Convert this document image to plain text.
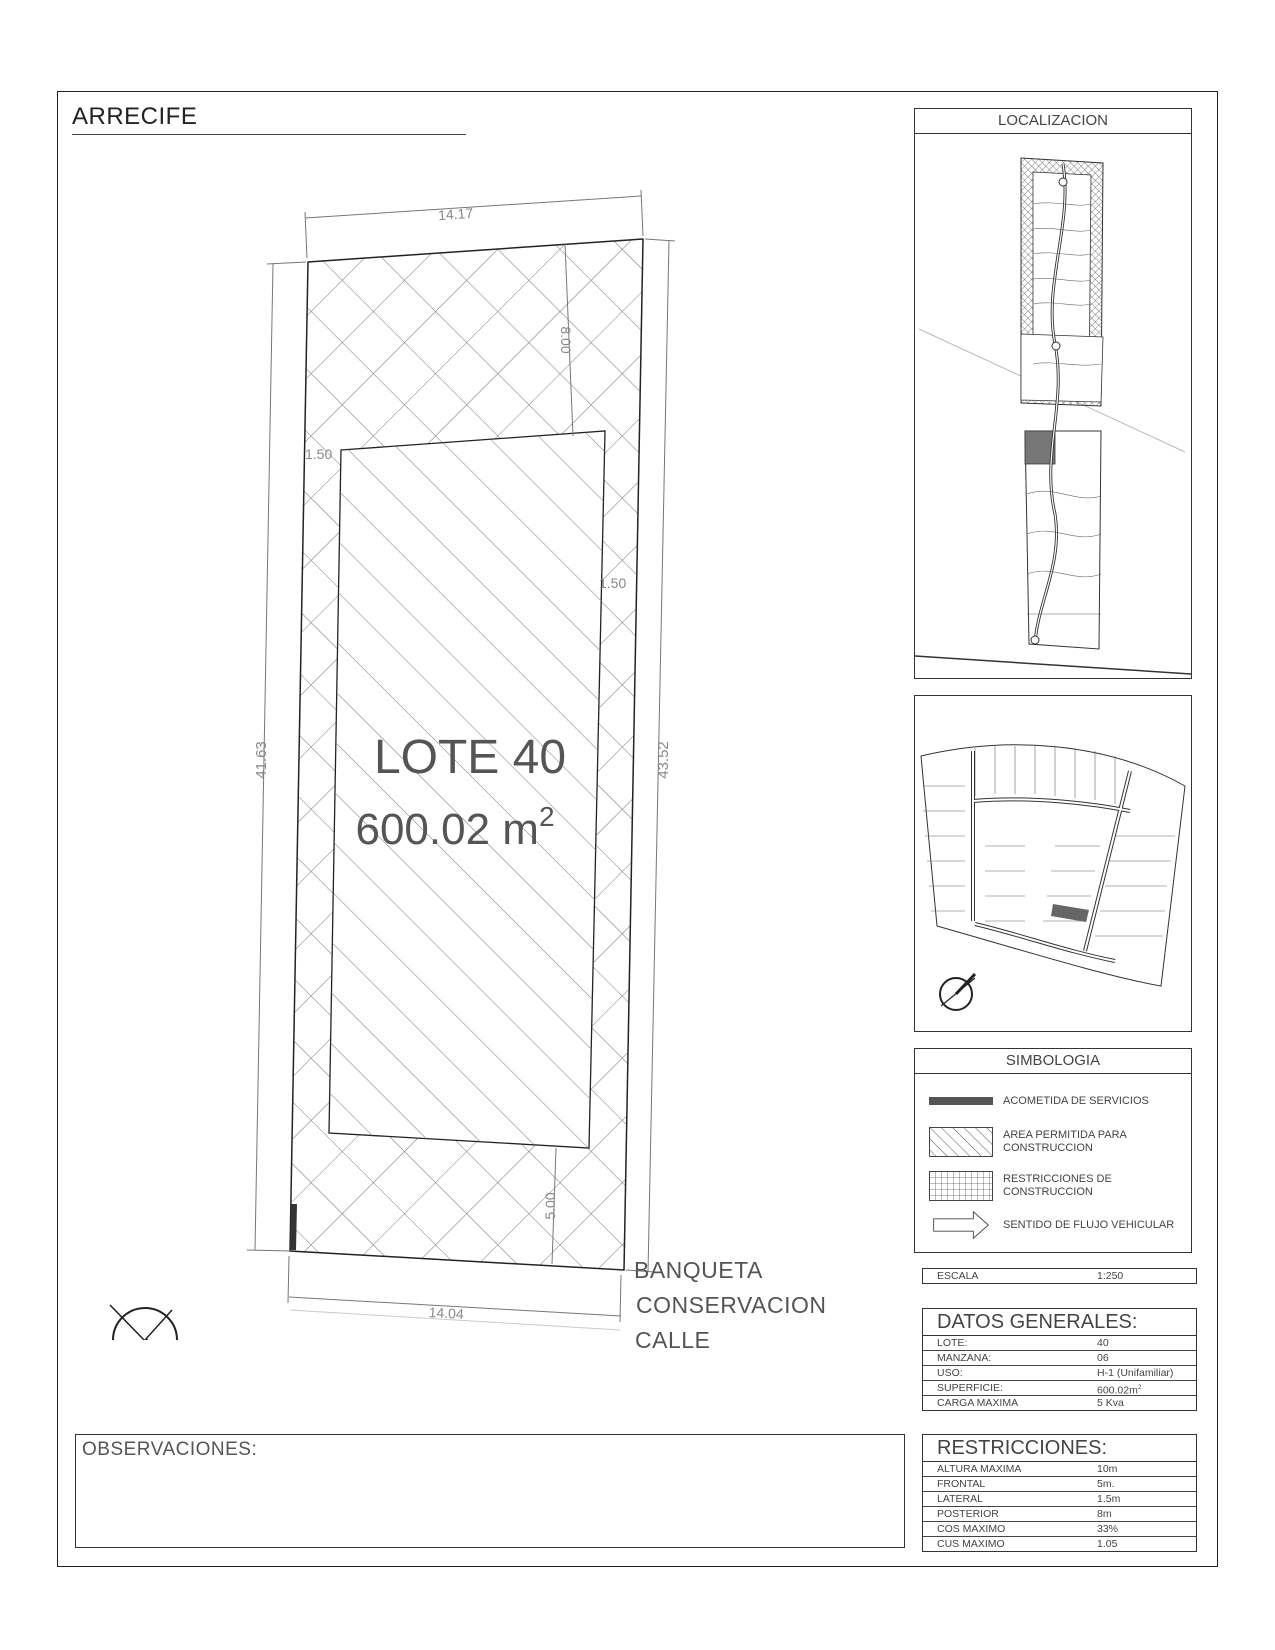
ARRECIFE
14.17
14.04
41.63	43.52
8.00
5.00
1.50
1.50
LOTE 40
600.02 $m^2$
BANQUETA
CONSERVACION
CALLE
OBSERVACIONES:
LOCALIZACION
SIMBOLOGIA
ACOMETIDA DE SERVICIOS
AREA PERMITIDA PARA CONSTRUCCION
RESTRICCIONES DE CONSTRUCCION
SENTIDO DE FLUJO VEHICULAR
ESCALA	1:250
DATOS GENERALES:
LOTE:	40
MANZANA:	06
USO:	H-1 (Unifamiliar)
SUPERFICIE:	$600.02m^2$
CARGA MAXIMA	5 Kva
RESTRICCIONES:
ALTURA MAXIMA	10m
FRONTAL	5m.
LATERAL	1.5m
POSTERIOR	8m
COS MAXIMO	33%
CUS MAXIMO	1.05
